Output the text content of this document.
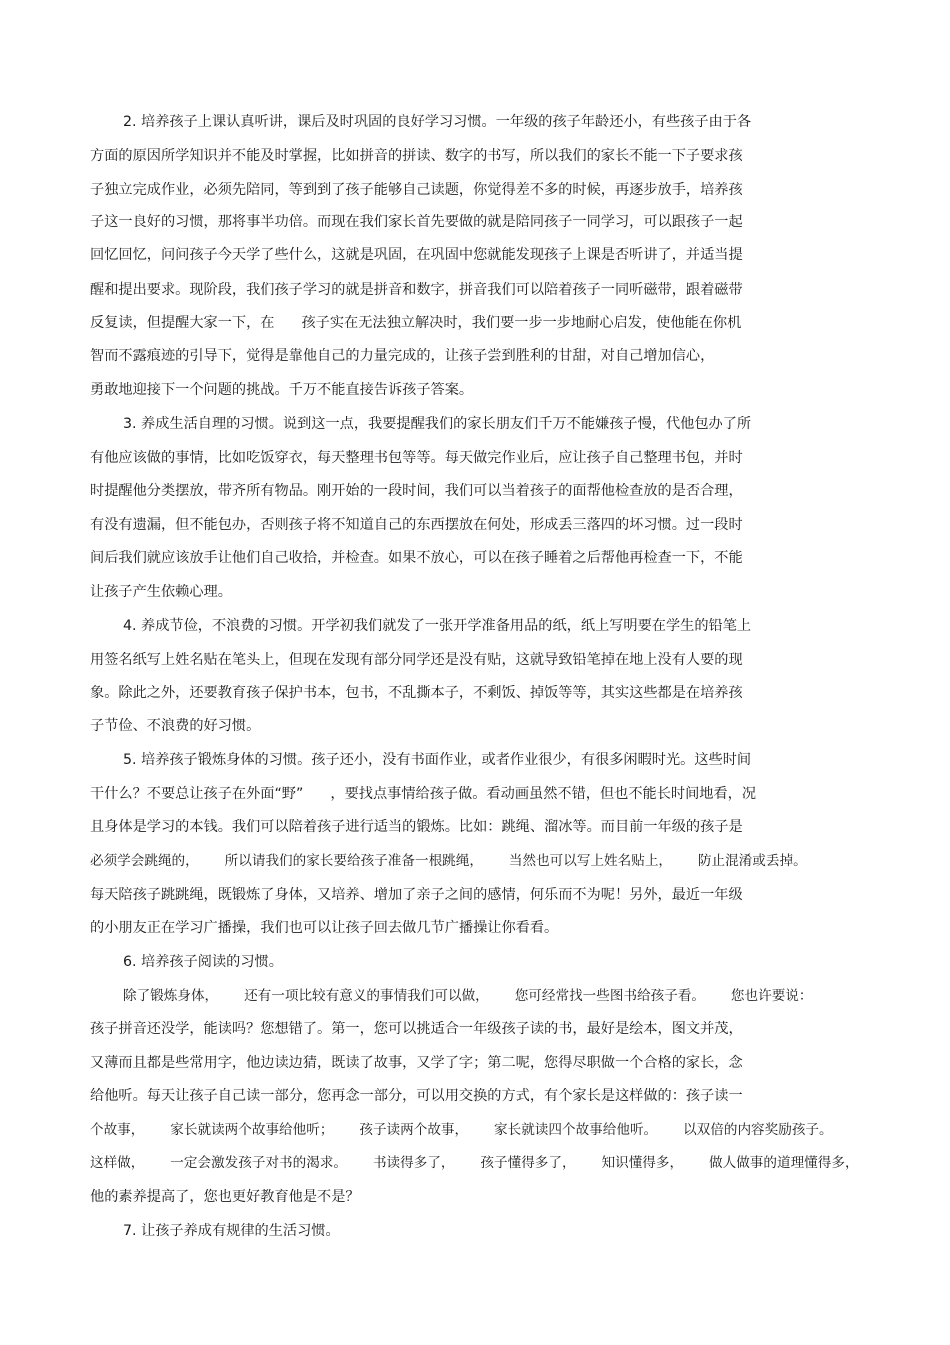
2. 培养孩子上课认真听讲，课后及时巩固的良好学习习惯。一年级的孩子年龄还小，有些孩子由于各
方面的原因所学知识并不能及时掌握，比如拼音的拼读、数字的书写，所以我们的家长不能一下子要求孩
子独立完成作业，必须先陪同，等到到了孩子能够自己读题，你觉得差不多的时候，再逐步放手，培养孩
子这一良好的习惯，那将事半功倍。而现在我们家长首先要做的就是陪同孩子一同学习，可以跟孩子一起
回忆回忆，问问孩子今天学了些什么，这就是巩固，在巩固中您就能发现孩子上课是否听讲了，并适当提
醒和提出要求。现阶段，我们孩子学习的就是拼音和数字，拼音我们可以陪着孩子一同听磁带，跟着磁带
反复读，但提醒大家一下，在      孩子实在无法独立解决时，我们要一步一步地耐心启发，使他能在你机
智而不露痕迹的引导下，觉得是靠他自己的力量完成的，让孩子尝到胜利的甘甜，对自己增加信心，
勇敢地迎接下一个问题的挑战。千万不能直接告诉孩子答案。
3. 养成生活自理的习惯。说到这一点，我要提醒我们的家长朋友们千万不能嫌孩子慢，代他包办了所
有他应该做的事情，比如吃饭穿衣，每天整理书包等等。每天做完作业后，应让孩子自己整理书包，并时
时提醒他分类摆放，带齐所有物品。刚开始的一段时间，我们可以当着孩子的面帮他检查放的是否合理，
有没有遗漏，但不能包办，否则孩子将不知道自己的东西摆放在何处，形成丢三落四的坏习惯。过一段时
间后我们就应该放手让他们自己收拾，并检查。如果不放心，可以在孩子睡着之后帮他再检查一下，不能
让孩子产生依赖心理。
4. 养成节俭，不浪费的习惯。开学初我们就发了一张开学准备用品的纸，纸上写明要在学生的铅笔上
用签名纸写上姓名贴在笔头上，但现在发现有部分同学还是没有贴，这就导致铅笔掉在地上没有人要的现
象。除此之外，还要教育孩子保护书本，包书，不乱撕本子，不剩饭、掉饭等等，其实这些都是在培养孩
子节俭、不浪费的好习惯。
5. 培养孩子锻炼身体的习惯。孩子还小，没有书面作业，或者作业很少，有很多闲暇时光。这些时间
干什么？不要总让孩子在外面“野”      ，要找点事情给孩子做。看动画虽然不错，但也不能长时间地看，况
且身体是学习的本钱。我们可以陪着孩子进行适当的锻炼。比如：跳绳、溜冰等。而目前一年级的孩子是
必须学会跳绳的，      所以请我们的家长要给孩子准备一根跳绳，      当然也可以写上姓名贴上，      防止混淆或丢掉。
每天陪孩子跳跳绳，既锻炼了身体，又培养、增加了亲子之间的感情，何乐而不为呢！另外，最近一年级
的小朋友正在学习广播操，我们也可以让孩子回去做几节广播操让你看看。
6. 培养孩子阅读的习惯。
除了锻炼身体，      还有一项比较有意义的事情我们可以做，      您可经常找一些图书给孩子看。      您也许要说：
孩子拼音还没学，能读吗？您想错了。第一，您可以挑适合一年级孩子读的书，最好是绘本，图文并茂，
又薄而且都是些常用字，他边读边猜，既读了故事，又学了字；第二呢，您得尽职做一个合格的家长，念
给他听。每天让孩子自己读一部分，您再念一部分，可以用交换的方式，有个家长是这样做的：孩子读一
个故事，      家长就读两个故事给他听；      孩子读两个故事，      家长就读四个故事给他听。      以双倍的内容奖励孩子。
这样做，      一定会激发孩子对书的渴求。      书读得多了，      孩子懂得多了，      知识懂得多，      做人做事的道理懂得多，
他的素养提高了，您也更好教育他是不是？
7. 让孩子养成有规律的生活习惯。
